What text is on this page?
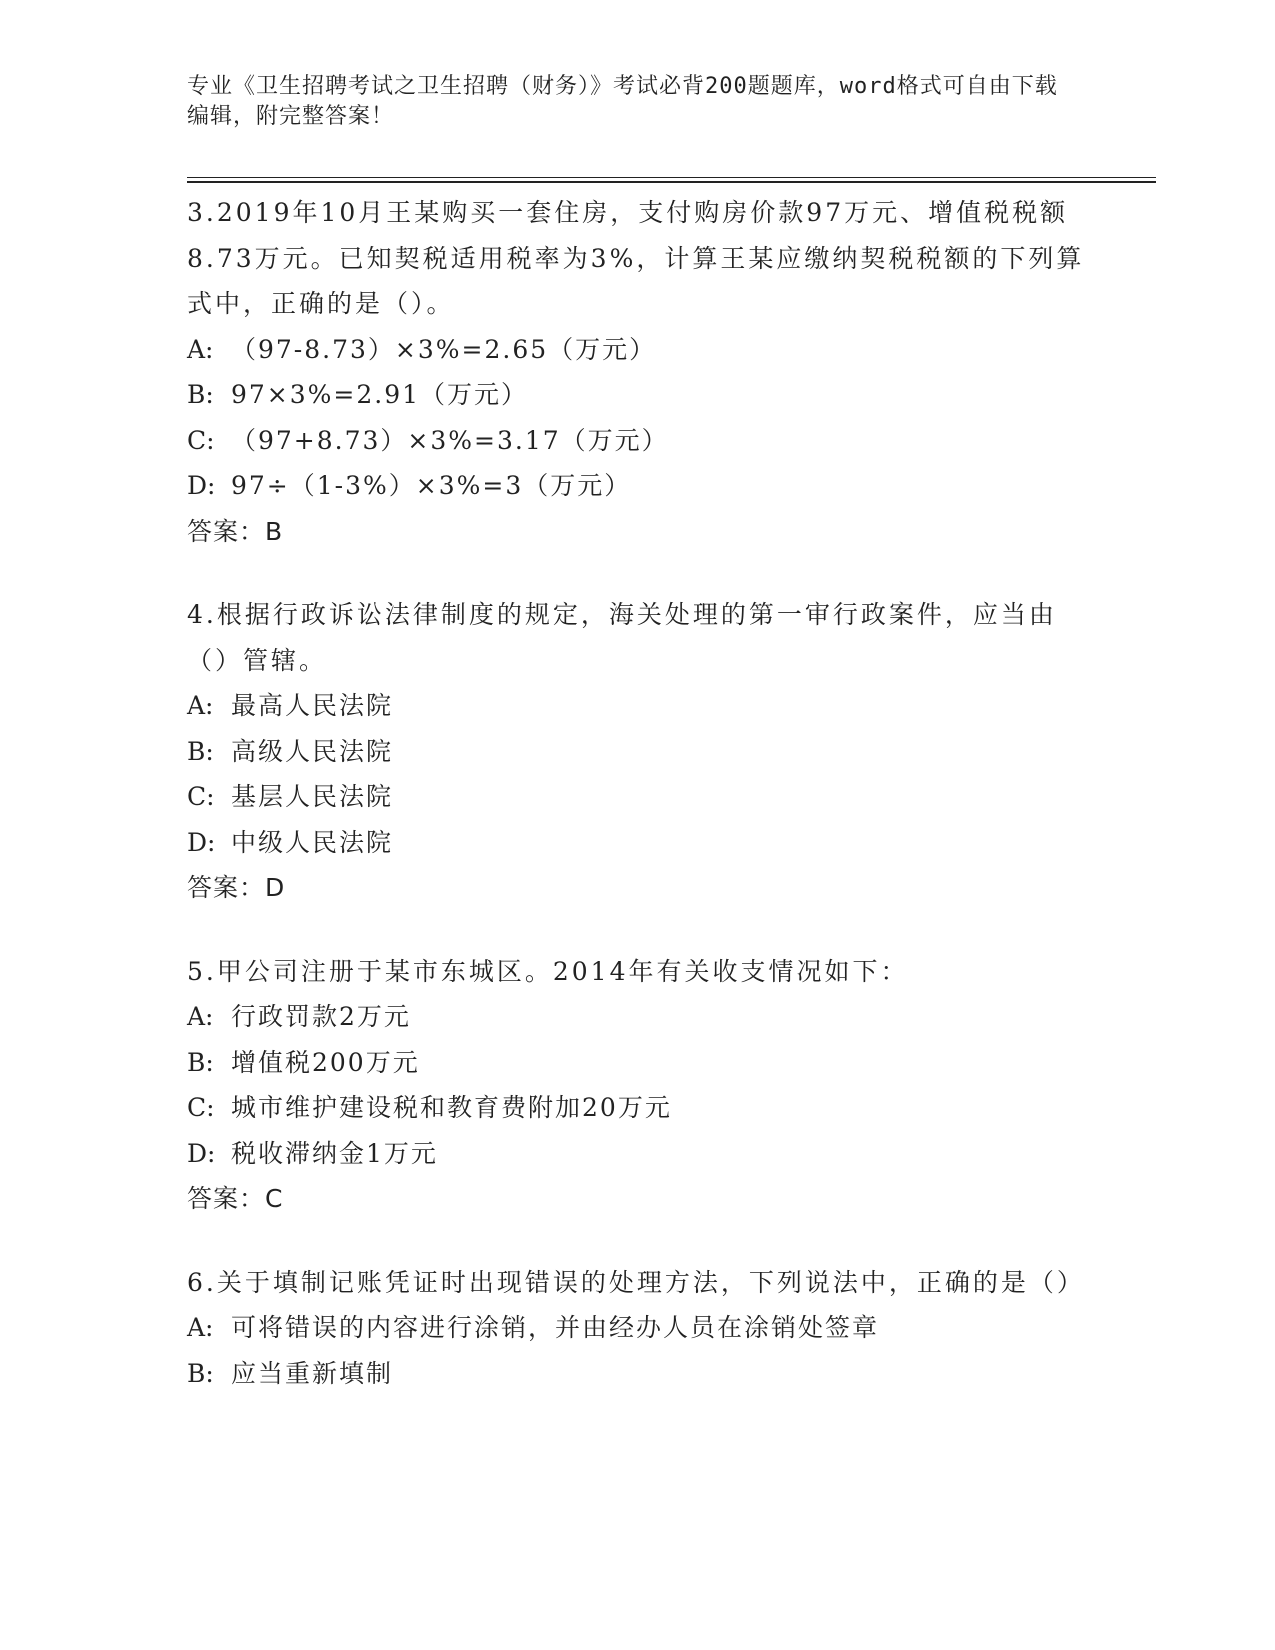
专业《卫生招聘考试之卫生招聘（财务）》考试必背200题题库，word格式可自由下载编辑，附完整答案！

3.2019年10月王某购买一套住房，支付购房价款97万元、增值税税额8.73万元。已知契税适用税率为3%，计算王某应缴纳契税税额的下列算式中，正确的是（）。

A: （97-8.73）×3%=2.65（万元）

B: 97×3%=2.91（万元）

C: （97+8.73）×3%=3.17（万元）

D: 97÷（1-3%）×3%=3（万元）

答案：B

4.根据行政诉讼法律制度的规定，海关处理的第一审行政案件，应当由（）管辖。

A: 最高人民法院

B: 高级人民法院

C: 基层人民法院

D: 中级人民法院

答案：D

5.甲公司注册于某市东城区。2014年有关收支情况如下：

A: 行政罚款2万元

B: 增值税200万元

C: 城市维护建设税和教育费附加20万元

D: 税收滞纳金1万元

答案：C

6.关于填制记账凭证时出现错误的处理方法，下列说法中，正确的是（）

A: 可将错误的内容进行涂销，并由经办人员在涂销处签章

B: 应当重新填制
